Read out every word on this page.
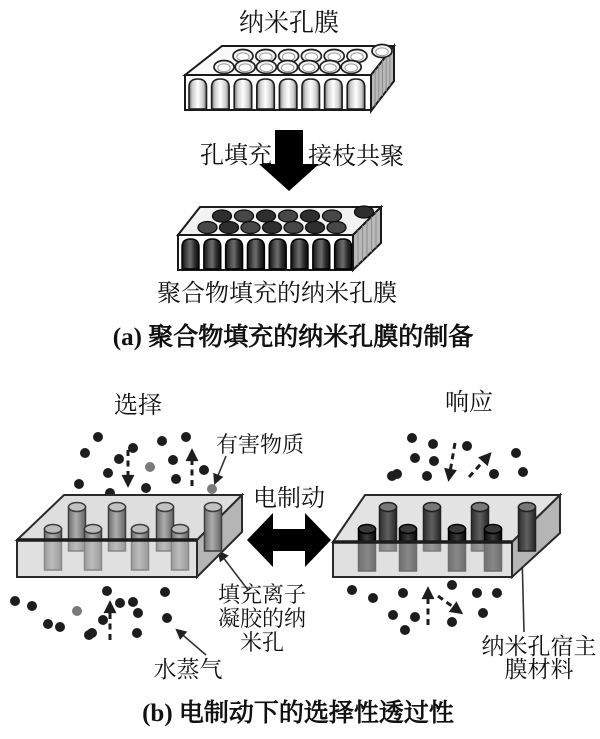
纳米孔膜
孔填充 接枝共聚
聚合物填充的纳米孔膜
(a) 聚合物填充的纳米孔膜的制备
选择	响应
有害物质
电制动
填充离子
凝胶的纳
米孔
水蒸气
纳米孔宿主
膜材料
(b) 电制动下的选择性透过性
